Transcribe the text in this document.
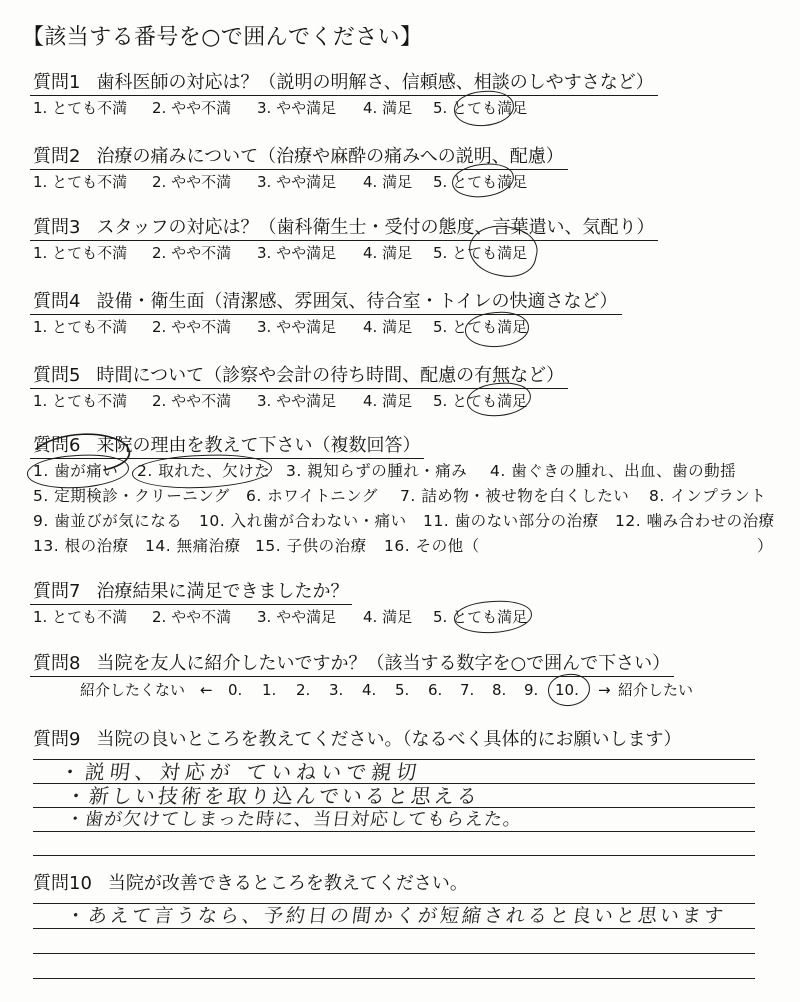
【該当する番号を○で囲んでください】
質問1 歯科医師の対応は？（説明の明解さ、信頼感、相談のしやすさなど）
1. とても不満 2. やや不満 3. やや満足 4. 満足 5. とても満足
質問2 治療の痛みについて（治療や麻酔の痛みへの説明、配慮）
1. とても不満 2. やや不満 3. やや満足 4. 満足 5. とても満足
質問3 スタッフの対応は？（歯科衛生士・受付の態度、言葉遣い、気配り）
1. とても不満 2. やや不満 3. やや満足 4. 満足 5. とても満足
質問4 設備・衛生面（清潔感、雰囲気、待合室・トイレの快適さなど）
1. とても不満 2. やや不満 3. やや満足 4. 満足 5. とても満足
質問5 時間について（診察や会計の待ち時間、配慮の有無など）
1. とても不満 2. やや不満 3. やや満足 4. 満足 5. とても満足
質問6 来院の理由を教えて下さい（複数回答）
1. 歯が痛い 2. 取れた、欠けた 3. 親知らずの腫れ・痛み 4. 歯ぐきの腫れ、出血、歯の動揺
5. 定期検診・クリーニング 6. ホワイトニング 7. 詰め物・被せ物を白くしたい 8. インプラント
9. 歯並びが気になる 10. 入れ歯が合わない・痛い 11. 歯のない部分の治療 12. 噛み合わせの治療
13. 根の治療 14. 無痛治療 15. 子供の治療 16. その他（	）
質問7 治療結果に満足できましたか？
1. とても不満 2. やや不満 3. やや満足 4. 満足 5. とても満足
質問8 当院を友人に紹介したいですか？（該当する数字を○で囲んで下さい）
紹介したくない ← 0. 1. 2. 3. 4. 5. 6. 7. 8. 9. 10. → 紹介したい
質問9 当院の良いところを教えてください。（なるべく具体的にお願いします）
・説明、対応が ていねいで親切
・新しい技術を取り込んでいると思える
・歯が欠けてしまった時に、当日対応してもらえた。
質問10 当院が改善できるところを教えてください。
・あえて言うなら、予約日の間かくが短縮されると良いと思います
